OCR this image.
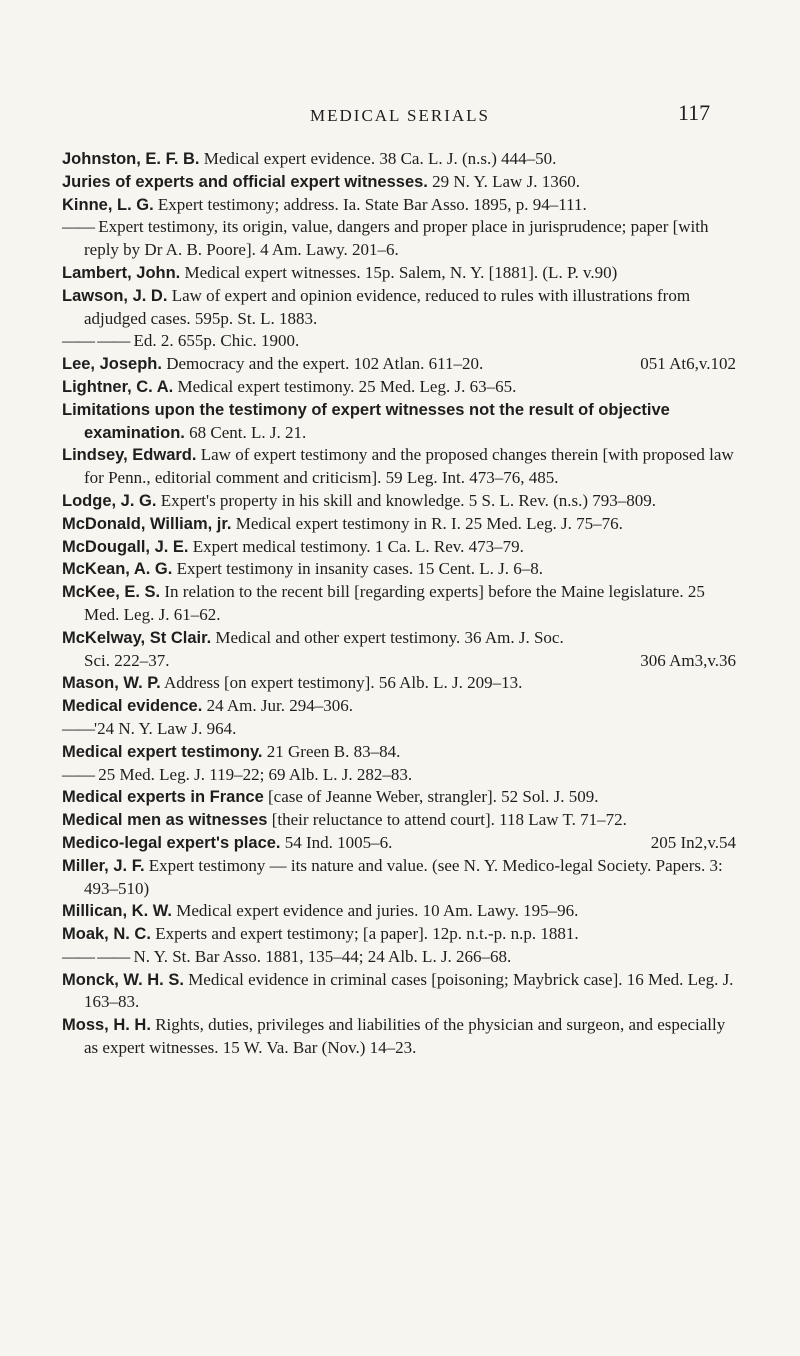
MEDICAL SERIALS	117
Johnston, E. F. B. Medical expert evidence. 38 Ca. L. J. (n.s.) 444–50.
Juries of experts and official expert witnesses. 29 N. Y. Law J. 1360.
Kinne, L. G. Expert testimony; address. Ia. State Bar Asso. 1895, p. 94–111.
—— Expert testimony, its origin, value, dangers and proper place in jurisprudence; paper [with reply by Dr A. B. Poore]. 4 Am. Lawy. 201–6.
Lambert, John. Medical expert witnesses. 15p. Salem, N. Y. [1881]. (L. P. v.90)
Lawson, J. D. Law of expert and opinion evidence, reduced to rules with illustrations from adjudged cases. 595p. St. L. 1883.
—— —— Ed. 2. 655p. Chic. 1900.
Lee, Joseph. Democracy and the expert. 102 Atlan. 611–20.	051 At6,v.102
Lightner, C. A. Medical expert testimony. 25 Med. Leg. J. 63–65.
Limitations upon the testimony of expert witnesses not the result of objective examination. 68 Cent. L. J. 21.
Lindsey, Edward. Law of expert testimony and the proposed changes therein [with proposed law for Penn., editorial comment and criticism]. 59 Leg. Int. 473–76, 485.
Lodge, J. G. Expert's property in his skill and knowledge. 5 S. L. Rev. (n.s.) 793–809.
McDonald, William, jr. Medical expert testimony in R. I. 25 Med. Leg. J. 75–76.
McDougall, J. E. Expert medical testimony. 1 Ca. L. Rev. 473–79.
McKean, A. G. Expert testimony in insanity cases. 15 Cent. L. J. 6–8.
McKee, E. S. In relation to the recent bill [regarding experts] before the Maine legislature. 25 Med. Leg. J. 61–62.
McKelway, St Clair. Medical and other expert testimony. 36 Am. J. Soc. Sci. 222–37.	306 Am3,v.36
Mason, W. P. Address [on expert testimony]. 56 Alb. L. J. 209–13.
Medical evidence. 24 Am. Jur. 294–306.
——'24 N. Y. Law J. 964.
Medical expert testimony. 21 Green B. 83–84.
—— 25 Med. Leg. J. 119–22; 69 Alb. L. J. 282–83.
Medical experts in France [case of Jeanne Weber, strangler]. 52 Sol. J. 509.
Medical men as witnesses [their reluctance to attend court]. 118 Law T. 71–72.
Medico-legal expert's place. 54 Ind. 1005–6.	205 In2,v.54
Miller, J. F. Expert testimony — its nature and value. (see N. Y. Medico-legal Society. Papers. 3: 493–510)
Millican, K. W. Medical expert evidence and juries. 10 Am. Lawy. 195–96.
Moak, N. C. Experts and expert testimony; [a paper]. 12p. n.t.-p. n.p. 1881.
—— —— N. Y. St. Bar Asso. 1881, 135–44; 24 Alb. L. J. 266–68.
Monck, W. H. S. Medical evidence in criminal cases [poisoning; Maybrick case]. 16 Med. Leg. J. 163–83.
Moss, H. H. Rights, duties, privileges and liabilities of the physician and surgeon, and especially as expert witnesses. 15 W. Va. Bar (Nov.) 14–23.
